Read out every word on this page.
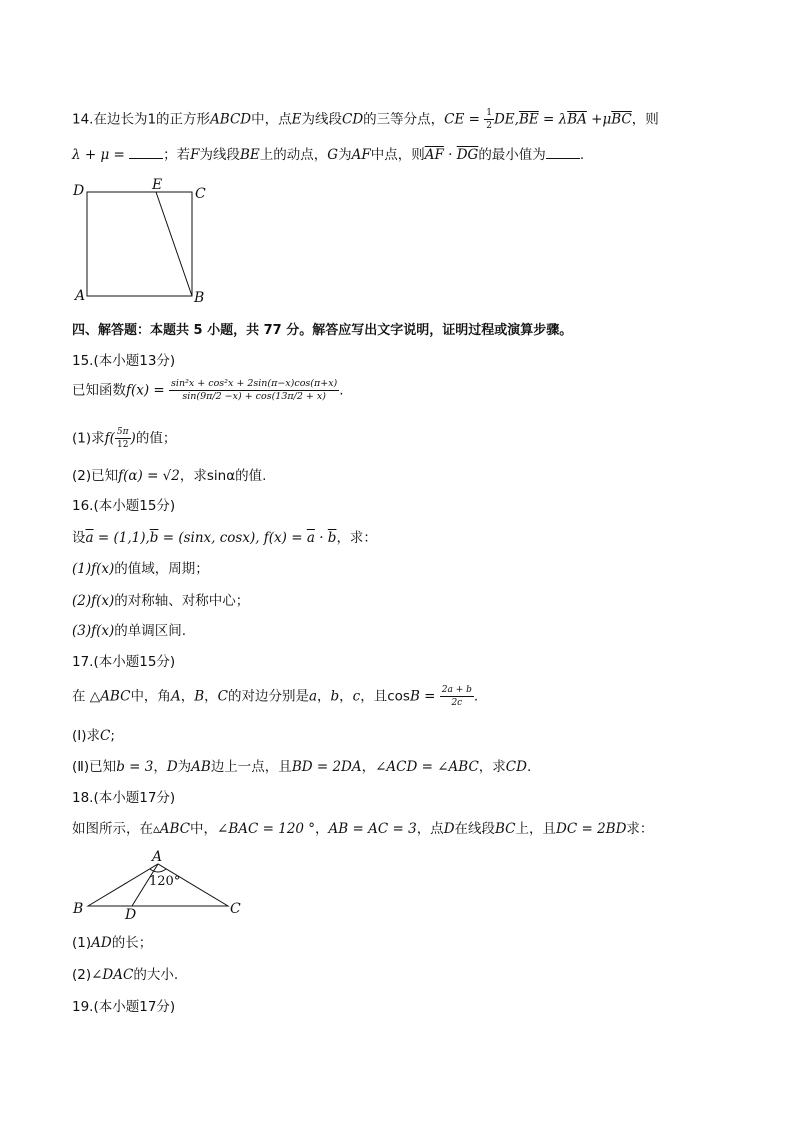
14.在边长为1的正方形ABCD中，点E为线段CD的三等分点，CE = $\frac{1}{2} DE,\overline{BE} = \lambda\overline{BA} +\mu\overline{BC}$，则
λ + μ =	；若F为线段BE上的动点，G为AF中点，则$\overline{AF} \cdot \overline{DG}$的最小值为	.
D	E
C
A	B
四、解答题：本题共 5 小题，共 77 分。解答应写出文字说明，证明过程或演算步骤。
15.(本小题13分)
已知函数$f(x) = \frac{\text{sin²x + cos²x + 2sin(π−x)cos(π+x)}}{\sin(9\pi/2 -x) + \cos(13\pi/2 + x)}$ .
(1)求$f( \frac{5\pi}{12}$ )的值；
(2)已知f(α) = √2，求sinα的值.
16.(本小题15分)
设$\overline{a} = (1,1),\overline{b} = (\sin x$, cosx), $f(x) = \overline{a} \cdot \overline{b}$，求：
(1)f(x)的值域，周期；
(2)f(x)的对称轴、对称中心；
(3)f(x)的单调区间.
17.(本小题15分)
在 △ABC中，角A，B，C的对边分别是a，b，c，且$\cos B = \frac{2a + b}{2c}$ .
(Ⅰ)求C;
(Ⅱ)已知b = 3，D为AB边上一点，且BD = 2DA，∠ACD = ∠ABC，求CD.
18.(本小题17分)
如图所示，在▵ABC中，∠BAC = 120 °，AB = AC = 3，点D在线段BC上，且DC = 2BD求：
A
B	C
D
120°
(1)AD的长；
(2)∠DAC的大小.
19.(本小题17分)
